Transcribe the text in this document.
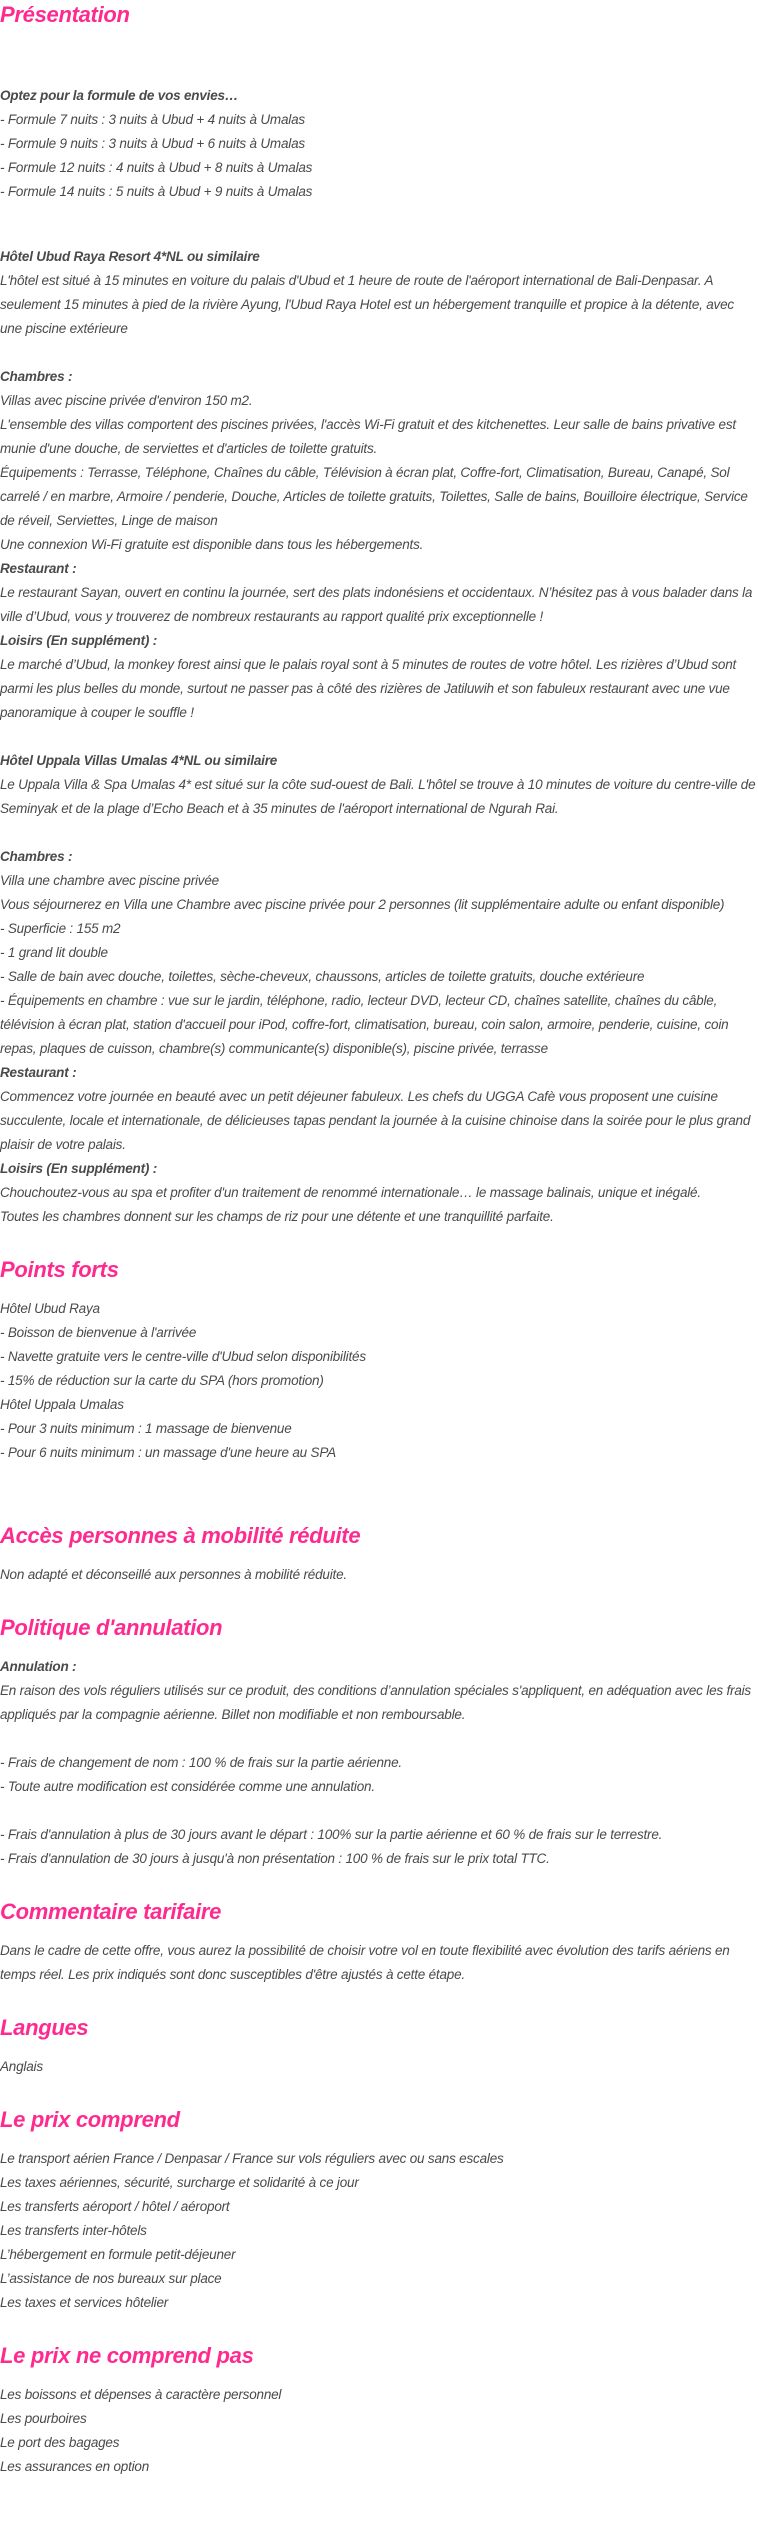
Présentation
Optez pour la formule de vos envies…
- Formule 7 nuits : 3 nuits à Ubud + 4 nuits à Umalas
- Formule 9 nuits : 3 nuits à Ubud + 6 nuits à Umalas
- Formule 12 nuits : 4 nuits à Ubud + 8 nuits à Umalas
- Formule 14 nuits : 5 nuits à Ubud + 9 nuits à Umalas
Hôtel Ubud Raya Resort 4*NL ou similaire
L'hôtel est situé à 15 minutes en voiture du palais d'Ubud et 1 heure de route de l'aéroport international de Bali-Denpasar. A seulement 15 minutes à pied de la rivière Ayung, l'Ubud Raya Hotel est un hébergement tranquille et propice à la détente, avec une piscine extérieure
Chambres :
Villas avec piscine privée d'environ 150 m2.
L'ensemble des villas comportent des piscines privées, l'accès Wi-Fi gratuit et des kitchenettes. Leur salle de bains privative est munie d'une douche, de serviettes et d'articles de toilette gratuits.
Équipements : Terrasse, Téléphone, Chaînes du câble, Télévision à écran plat, Coffre-fort, Climatisation, Bureau, Canapé, Sol carrelé / en marbre, Armoire / penderie, Douche, Articles de toilette gratuits, Toilettes, Salle de bains, Bouilloire électrique, Service de réveil, Serviettes, Linge de maison
Une connexion Wi-Fi gratuite est disponible dans tous les hébergements.
Restaurant :
Le restaurant Sayan, ouvert en continu la journée, sert des plats indonésiens et occidentaux. N’hésitez pas à vous balader dans la ville d’Ubud, vous y trouverez de nombreux restaurants au rapport qualité prix exceptionnelle !
Loisirs (En supplément) :
Le marché d’Ubud, la monkey forest ainsi que le palais royal sont à 5 minutes de routes de votre hôtel. Les rizières d’Ubud sont parmi les plus belles du monde, surtout ne passer pas à côté des rizières de Jatiluwih et son fabuleux restaurant avec une vue panoramique à couper le souffle !
Hôtel Uppala Villas Umalas 4*NL ou similaire
Le Uppala Villa & Spa Umalas 4* est situé sur la côte sud-ouest de Bali. L'hôtel se trouve à 10 minutes de voiture du centre-ville de Seminyak et de la plage d’Echo Beach et à 35 minutes de l'aéroport international de Ngurah Rai.
Chambres :
Villa une chambre avec piscine privée
Vous séjournerez en Villa une Chambre avec piscine privée pour 2 personnes (lit supplémentaire adulte ou enfant disponible)
- Superficie : 155 m2
- 1 grand lit double
- Salle de bain avec douche, toilettes, sèche-cheveux, chaussons, articles de toilette gratuits, douche extérieure
- Équipements en chambre : vue sur le jardin, téléphone, radio, lecteur DVD, lecteur CD, chaînes satellite, chaînes du câble, télévision à écran plat, station d'accueil pour iPod, coffre-fort, climatisation, bureau, coin salon, armoire, penderie, cuisine, coin repas, plaques de cuisson, chambre(s) communicante(s) disponible(s), piscine privée, terrasse
Restaurant :
Commencez votre journée en beauté avec un petit déjeuner fabuleux. Les chefs du UGGA Cafè vous proposent une cuisine succulente, locale et internationale, de délicieuses tapas pendant la journée à la cuisine chinoise dans la soirée pour le plus grand plaisir de votre palais.
Loisirs (En supplément) :
Chouchoutez-vous au spa et profiter d'un traitement de renommé internationale… le massage balinais, unique et inégalé.
Toutes les chambres donnent sur les champs de riz pour une détente et une tranquillité parfaite.
Points forts
Hôtel Ubud Raya
- Boisson de bienvenue à l'arrivée
- Navette gratuite vers le centre-ville d'Ubud selon disponibilités
- 15% de réduction sur la carte du SPA (hors promotion)
Hôtel Uppala Umalas
- Pour 3 nuits minimum : 1 massage de bienvenue
- Pour 6 nuits minimum : un massage d'une heure au SPA
Accès personnes à mobilité réduite
Non adapté et déconseillé aux personnes à mobilité réduite.
Politique d'annulation
Annulation :
En raison des vols réguliers utilisés sur ce produit, des conditions d’annulation spéciales s'appliquent, en adéquation avec les frais appliqués par la compagnie aérienne. Billet non modifiable et non remboursable.
- Frais de changement de nom : 100 % de frais sur la partie aérienne.
- Toute autre modification est considérée comme une annulation.
- Frais d'annulation à plus de 30 jours avant le départ : 100% sur la partie aérienne et 60 % de frais sur le terrestre.
- Frais d'annulation de 30 jours à jusqu'à non présentation : 100 % de frais sur le prix total TTC.
Commentaire tarifaire
Dans le cadre de cette offre, vous aurez la possibilité de choisir votre vol en toute flexibilité avec évolution des tarifs aériens en temps réel. Les prix indiqués sont donc susceptibles d'être ajustés à cette étape.
Langues
Anglais
Le prix comprend
Le transport aérien France / Denpasar / France sur vols réguliers avec ou sans escales
Les taxes aériennes, sécurité, surcharge et solidarité à ce jour
Les transferts aéroport / hôtel / aéroport
Les transferts inter-hôtels
L’hébergement en formule petit-déjeuner
L’assistance de nos bureaux sur place
Les taxes et services hôtelier
Le prix ne comprend pas
Les boissons et dépenses à caractère personnel
Les pourboires
Le port des bagages
Les assurances en option
